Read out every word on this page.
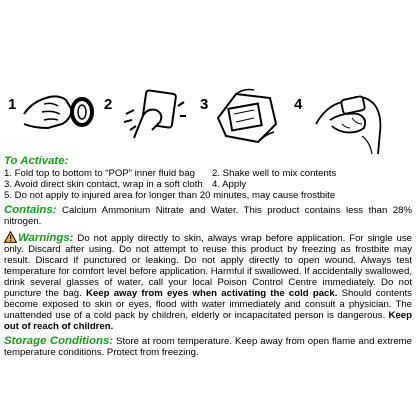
1	2	3	4
To Activate:
1. Fold top to bottom to “POP” inner fluid bag	2. Shake well to mix contents
3. Avoid direct skin contact, wrap in a soft cloth 4. Apply
5. Do not apply to injured area for longer than 20 minutes, may cause frostbite
Contains: Calcium Ammonium Nitrate and Water. This product contains less than 28% nitrogen.
Warnings: Do not apply directly to skin, always wrap before application. For single use only. Discard after using. Do not attempt to reuse this product by freezing as frostbite may result. Discard if punctured or leaking. Do not apply directly to open wound. Always test temperature for comfort level before application. Harmful if swallowed. If accidentally swallowed, drink several glasses of water, call your local Poison Control Centre immediately. Do not puncture the bag. Keep away from eyes when activating the cold pack. Should contents become exposed to skin or eyes, flood with water immediately and consult a physician. The unattended use of a cold pack by children, elderly or incapacitated person is dangerous. Keep out of reach of children.
Storage Conditions: Store at room temperature. Keep away from open flame and extreme temperature conditions. Protect from freezing.
